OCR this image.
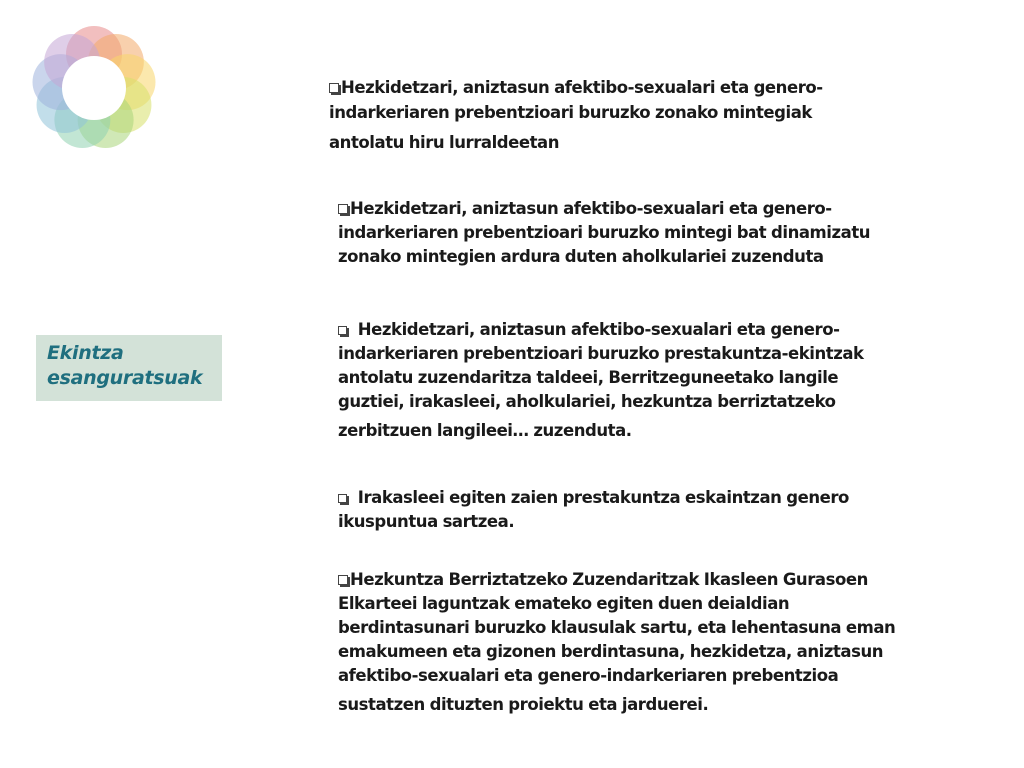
Ekintza esanguratsuak
Hezkidetzari, aniztasun afektibo-sexualari eta genero-
indarkeriaren prebentzioari buruzko zonako mintegiak
antolatu hiru lurraldeetan
Hezkidetzari, aniztasun afektibo-sexualari eta genero-
indarkeriaren prebentzioari buruzko mintegi bat dinamizatu
zonako mintegien ardura duten aholkulariei zuzenduta
Hezkidetzari, aniztasun afektibo-sexualari eta genero-
indarkeriaren prebentzioari buruzko prestakuntza-ekintzak
antolatu zuzendaritza taldeei, Berritzeguneetako langile
guztiei, irakasleei, aholkulariei, hezkuntza berriztatzeko
zerbitzuen langileei… zuzenduta.
Irakasleei egiten zaien prestakuntza eskaintzan genero
ikuspuntua sartzea.
Hezkuntza Berriztatzeko Zuzendaritzak Ikasleen Gurasoen
Elkarteei laguntzak emateko egiten duen deialdian
berdintasunari buruzko klausulak sartu, eta lehentasuna eman
emakumeen eta gizonen berdintasuna, hezkidetza, aniztasun
afektibo-sexualari eta genero-indarkeriaren prebentzioa
sustatzen dituzten proiektu eta jarduerei.
